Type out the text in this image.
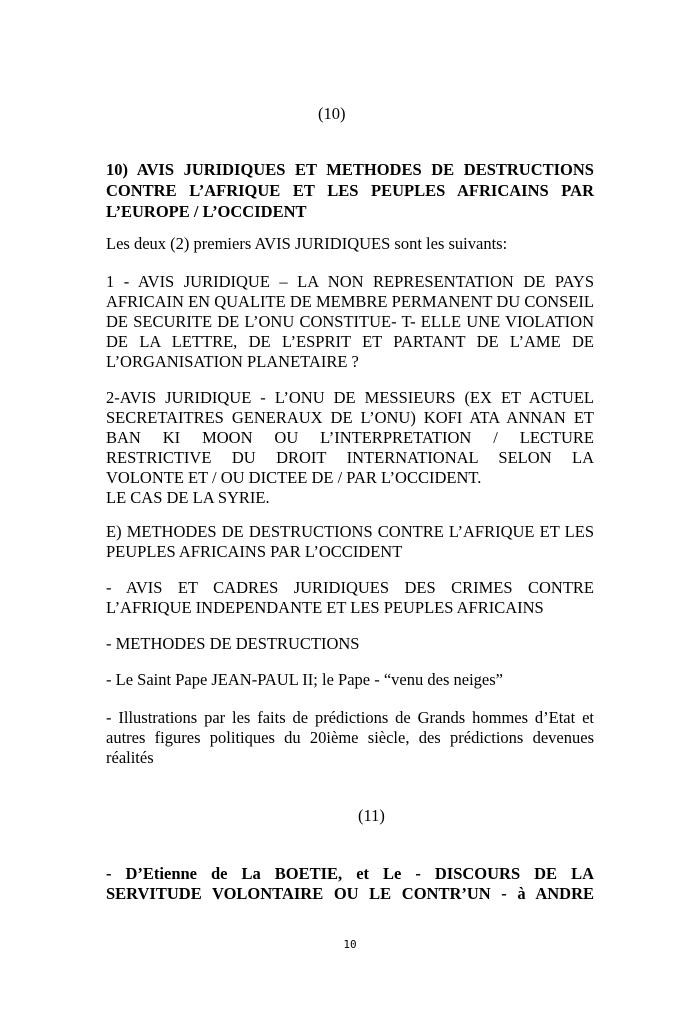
(10)
10) AVIS JURIDIQUES ET METHODES DE DESTRUCTIONS
CONTRE L’AFRIQUE ET LES PEUPLES AFRICAINS PAR
L’EUROPE / L’OCCIDENT
Les deux (2) premiers AVIS JURIDIQUES sont les suivants:
1 - AVIS JURIDIQUE – LA NON REPRESENTATION DE PAYS
AFRICAIN EN QUALITE DE MEMBRE PERMANENT DU CONSEIL
DE SECURITE DE L’ONU CONSTITUE- T- ELLE UNE VIOLATION
DE LA LETTRE, DE L’ESPRIT ET PARTANT DE L’AME DE
L’ORGANISATION PLANETAIRE ?
2-AVIS JURIDIQUE - L’ONU DE MESSIEURS (EX ET ACTUEL
SECRETAITRES GENERAUX DE L’ONU) KOFI ATA ANNAN ET
BAN KI MOON OU L’INTERPRETATION / LECTURE
RESTRICTIVE DU DROIT INTERNATIONAL SELON LA
VOLONTE ET / OU DICTEE DE / PAR L’OCCIDENT.
LE CAS DE LA SYRIE.
E) METHODES DE DESTRUCTIONS CONTRE L’AFRIQUE ET LES
PEUPLES AFRICAINS PAR L’OCCIDENT
- AVIS ET CADRES JURIDIQUES DES CRIMES CONTRE
L’AFRIQUE INDEPENDANTE ET LES PEUPLES AFRICAINS
- METHODES DE DESTRUCTIONS
- Le Saint Pape JEAN-PAUL II; le Pape - “venu des neiges”
- Illustrations par les faits de prédictions de Grands hommes d’Etat et
autres figures politiques du 20ième siècle, des prédictions devenues
réalités
(11)
- D’Etienne de La BOETIE, et Le - DISCOURS DE LA
SERVITUDE VOLONTAIRE OU LE CONTR’UN - à ANDRE
10
